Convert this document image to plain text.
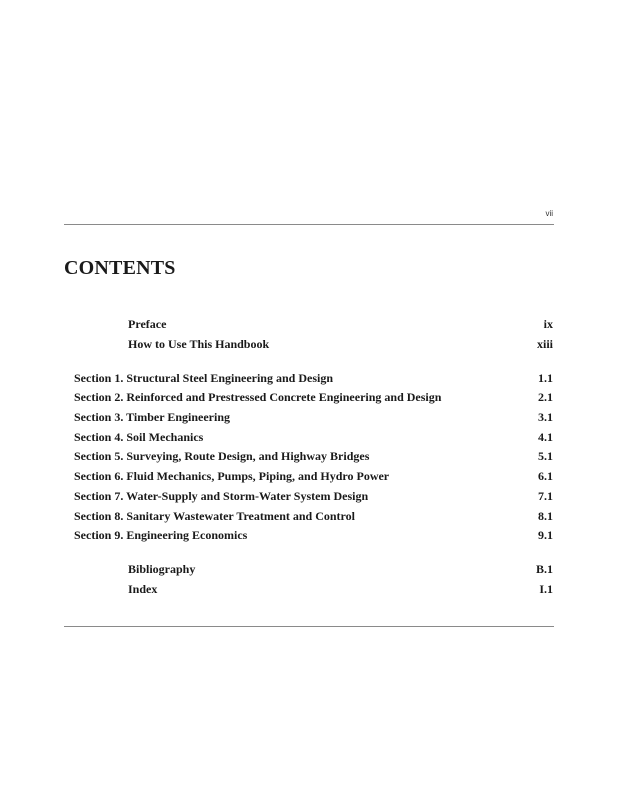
vii
CONTENTS
Preface	ix
How to Use This Handbook	xiii
Section 1. Structural Steel Engineering and Design	1.1
Section 2. Reinforced and Prestressed Concrete Engineering and Design	2.1
Section 3. Timber Engineering	3.1
Section 4. Soil Mechanics	4.1
Section 5. Surveying, Route Design, and Highway Bridges	5.1
Section 6. Fluid Mechanics, Pumps, Piping, and Hydro Power	6.1
Section 7. Water-Supply and Storm-Water System Design	7.1
Section 8. Sanitary Wastewater Treatment and Control	8.1
Section 9. Engineering Economics	9.1
Bibliography	B.1
Index	I.1
